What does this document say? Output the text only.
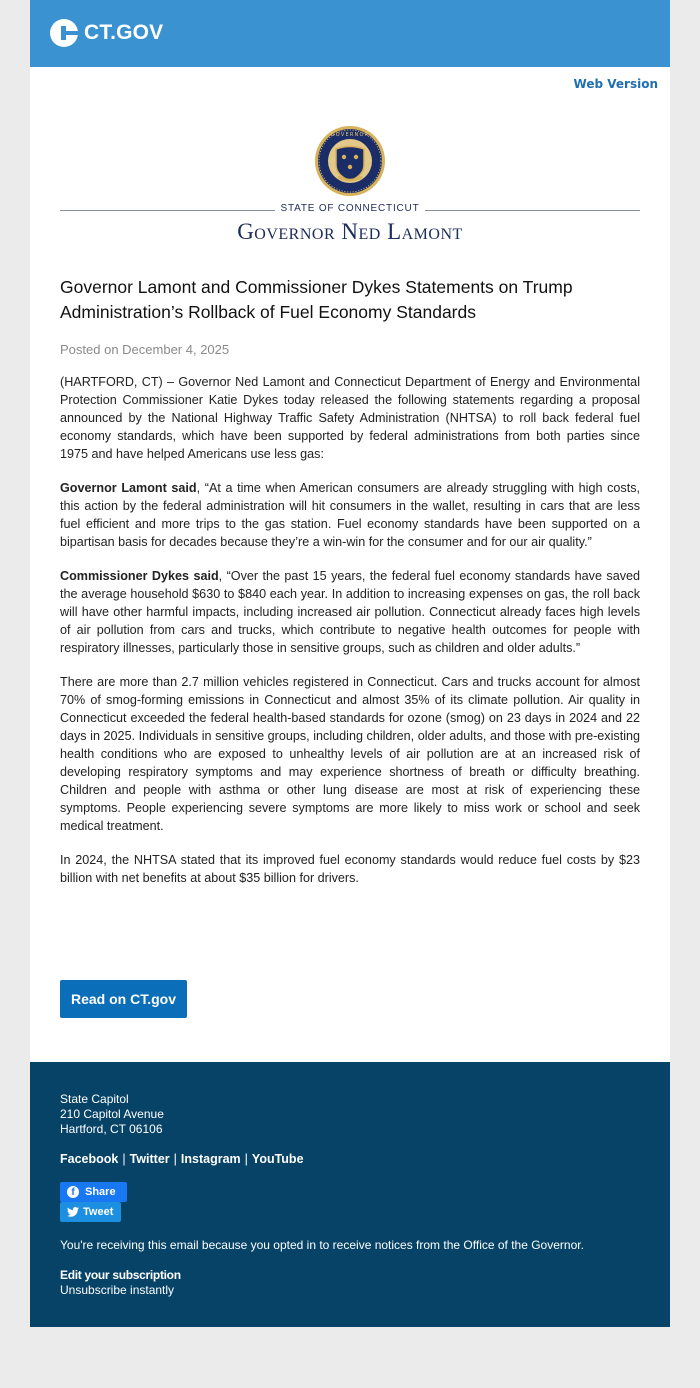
CT.GOV
Web Version
GOVERNOR
STATE OF CONNECTICUT
Governor Ned Lamont
Governor Lamont and Commissioner Dykes Statements on Trump Administration’s Rollback of Fuel Economy Standards
Posted on December 4, 2025

(HARTFORD, CT) – Governor Ned Lamont and Connecticut Department of Energy and Environmental Protection Commissioner Katie Dykes today released the following statements regarding a proposal announced by the National Highway Traffic Safety Administration (NHTSA) to roll back federal fuel economy standards, which have been supported by federal administrations from both parties since 1975 and have helped Americans use less gas:

Governor Lamont said, “At a time when American consumers are already struggling with high costs, this action by the federal administration will hit consumers in the wallet, resulting in cars that are less fuel efficient and more trips to the gas station. Fuel economy standards have been supported on a bipartisan basis for decades because they’re a win-win for the consumer and for our air quality.”

Commissioner Dykes said, “Over the past 15 years, the federal fuel economy standards have saved the average household $630 to $840 each year. In addition to increasing expenses on gas, the roll back will have other harmful impacts, including increased air pollution. Connecticut already faces high levels of air pollution from cars and trucks, which contribute to negative health outcomes for people with respiratory illnesses, particularly those in sensitive groups, such as children and older adults.”

There are more than 2.7 million vehicles registered in Connecticut. Cars and trucks account for almost 70% of smog-forming emissions in Connecticut and almost 35% of its climate pollution. Air quality in Connecticut exceeded the federal health-based standards for ozone (smog) on 23 days in 2024 and 22 days in 2025. Individuals in sensitive groups, including children, older adults, and those with pre-existing health conditions who are exposed to unhealthy levels of air pollution are at an increased risk of developing respiratory symptoms and may experience shortness of breath or difficulty breathing. Children and people with asthma or other lung disease are most at risk of experiencing these symptoms. People experiencing severe symptoms are more likely to miss work or school and seek medical treatment.

In 2024, the NHTSA stated that its improved fuel economy standards would reduce fuel costs by $23 billion with net benefits at about $35 billion for drivers.

Read on CT.gov
State Capitol
210 Capitol Avenue
Hartford, CT 06106
Facebook | Twitter | Instagram | YouTube
f Share
Tweet
You're receiving this email because you opted in to receive notices from the Office of the Governor.
Edit your subscription
Unsubscribe instantly
